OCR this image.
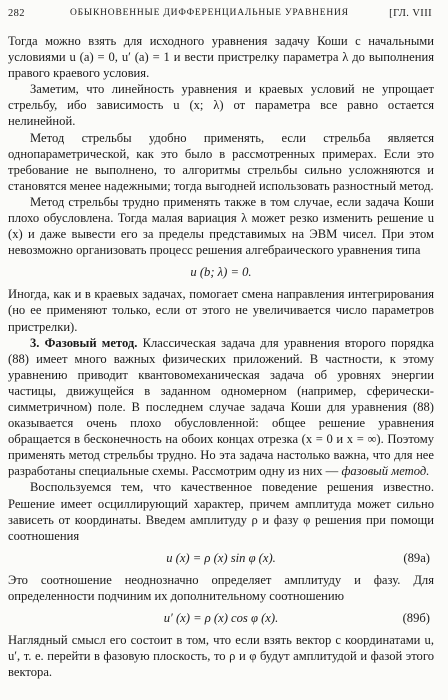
282	ОБЫКНОВЕННЫЕ ДИФФЕРЕНЦИАЛЬНЫЕ УРАВНЕНИЯ	[ГЛ. VIII

Тогда можно взять для исходного уравнения задачу Коши с начальными условиями u (a) = 0, u′ (a) = 1 и вести пристрелку параметра λ до выполнения правого краевого условия.

Заметим, что линейность уравнения и краевых условий не упрощает стрельбу, ибо зависимость u (x; λ) от параметра все равно остается нелинейной.

Метод стрельбы удобно применять, если стрельба является однопараметрической, как это было в рассмотренных примерах. Если это требование не выполнено, то алгоритмы стрельбы сильно усложняются и становятся менее надежными; тогда выгодней использовать разностный метод.

Метод стрельбы трудно применять также в том случае, если задача Коши плохо обусловлена. Тогда малая вариация λ может резко изменить решение u (x) и даже вывести его за пределы представимых на ЭВМ чисел. При этом невозможно организовать процесс решения алгебраического уравнения типа

u (b; λ) = 0.

Иногда, как и в краевых задачах, помогает смена направления интегрирования (но ее применяют только, если от этого не увеличивается число параметров пристрелки).

3. Фазовый метод. Классическая задача для уравнения второго порядка (88) имеет много важных физических приложений. В частности, к этому уравнению приводит квантовомеханическая задача об уровнях энергии частицы, движущейся в заданном одномерном (например, сферически-симметричном) поле. В последнем случае задача Коши для уравнения (88) оказывается очень плохо обусловленной: общее решение уравнения обращается в бесконечность на обоих концах отрезка (x = 0 и x = ∞). Поэтому применять метод стрельбы трудно. Но эта задача настолько важна, что для нее разработаны специальные схемы. Рассмотрим одну из них — фазовый метод.

Воспользуемся тем, что качественное поведение решения известно. Решение имеет осциллирующий характер, причем амплитуда может сильно зависеть от координаты. Введем амплитуду ρ и фазу φ решения при помощи соотношения

u (x) = ρ (x) sin φ (x).	(89а)

Это соотношение неоднозначно определяет амплитуду и фазу. Для определенности подчиним их дополнительному соотношению

u′ (x) = ρ (x) cos φ (x).	(89б)

Наглядный смысл его состоит в том, что если взять вектор с координатами u, u′, т. е. перейти в фазовую плоскость, то ρ и φ будут амплитудой и фазой этого вектора.
